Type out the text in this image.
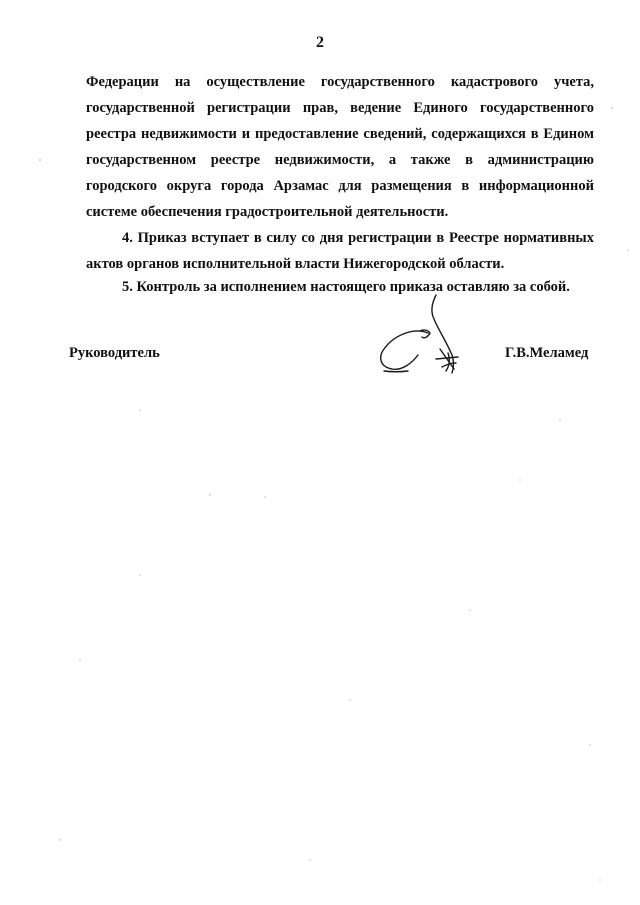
2

Федерации на осуществление государственного кадастрового учета, государственной регистрации прав, ведение Единого государственного реестра недвижимости и предоставление сведений, содержащихся в Едином государственном реестре недвижимости, а также в администрацию городского округа города Арзамас для размещения в информационной системе обеспечения градостроительной деятельности.

4. Приказ вступает в силу со дня регистрации в Реестре нормативных актов органов исполнительной власти Нижегородской области.

5. Контроль за исполнением настоящего приказа оставляю за собой.

Руководитель	Г.В.Меламед
